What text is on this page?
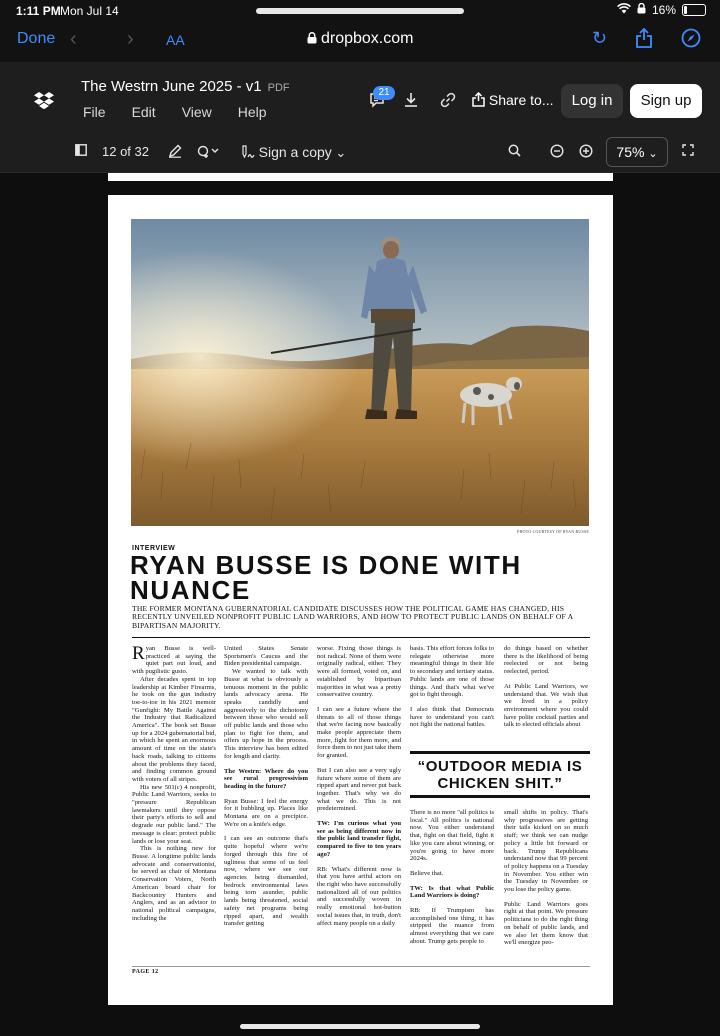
1:11 PM Mon Jul 14	16%
Done ‹	› AA	dropbox.com	↻
The Westrn June 2025 - v1 PDF
File Edit View Help
21	Share to...	Log in	Sign up
12 of 32	Sign a copy ⌄	75% ⌄
PHOTO COURTESY OF RYAN BUSSE
INTERVIEW
RYAN BUSSE IS DONE WITH NUANCE
THE FORMER MONTANA GUBERNATORIAL CANDIDATE DISCUSSES HOW THE POLITICAL GAME HAS CHANGED, HIS RECENTLY UNVEILED NONPROFIT PUBLIC LAND WARRIORS, AND HOW TO PROTECT PUBLIC LANDS ON BEHALF OF A BIPARTISAN MAJORITY.

Ryan Busse is well-practiced at saying the quiet part out loud, and with pugilistic gusto.

After decades spent in top leadership at Kimber Firearms, he took on the gun industry toe-to-toe in his 2021 memoir "Gunfight: My Battle Against the Industry that Radicalized America". The book set Busse up for a 2024 gubernatorial bid, in which he spent an enormous amount of time on the state's back roads, talking to citizens about the problems they faced, and finding common ground with voters of all stripes.

His new 501(c) 4 nonprofit, Public Land Warriors, seeks to "pressure Republican lawmakers until they oppose their party's efforts to sell and degrade our public land." The message is clear: protect public lands or lose your seat.

This is nothing new for Busse. A longtime public lands advocate and conservationist, he served as chair of Montana Conservation Voters, North American board chair for Backcountry Hunters and Anglers, and as an advisor to national political campaigns, including the

United States Senate Sportsmen's Caucus and the Biden presidential campaign.

We wanted to talk with Busse at what is obviously a tenuous moment in the public lands advocacy arena. He speaks candidly and aggressively to the dichotomy between those who would sell off public lands and those who plan to fight for them, and offers up hope in the process. This interview has been edited for length and clarity.

The Westrn: Where do you see rural progressivism heading in the future?

Ryan Busse: I feel the energy for it bubbling up. Places like Montana are on a precipice. We're on a knife's edge.

I can see an outcome that's quite hopeful where we're forged through this fire of ugliness that some of us feel now, where we see our agencies being dismantled, bedrock environmental laws being torn asunder, public lands being threatened, social safety net programs being ripped apart, and wealth transfer getting

worse. Fixing those things is not radical. None of them were originally radical, either. They were all formed, voted on, and established by bipartisan majorities in what was a pretty conservative country.

I can see a future where the threats to all of those things that we're facing now basically make people appreciate them more, fight for them more, and force them to not just take them for granted.

But I can also see a very ugly future where some of them are ripped apart and never put back together. That's why we do what we do. This is not predetermined.

TW: I'm curious what you see as being different now in the public land transfer fight, compared to five to ten years ago?

RB: What's different now is that you have artful actors on the right who have successfully nationalized all of our politics and successfully woven in really emotional hot-button social issues that, in truth, don't affect many people on a daily

basis. This effort forces folks to relegate otherwise more meaningful things in their life to secondary and tertiary status. Public lands are one of those things. And that's what we've got to fight through.

I also think that Democrats have to understand you can't not fight the national battles.

do things based on whether there is the likelihood of being reelected or not being reelected, period.

At Public Land Warriors, we understand that. We wish that we lived in a policy environment where you could have polite cocktail parties and talk to elected officials about

“OUTDOOR MEDIA IS CHICKEN SHIT.”

There is no more "all politics is local." All politics is national now. You either understand that, fight on that field, fight it like you care about winning, or you're going to have more 2024s.

Believe that.

TW: Is that what Public Land Warriors is doing?

RB: If Trumpism has accomplished one thing, it has stripped the nuance from almost everything that we care about. Trump gets people to

small shifts in policy. That's why progressives are getting their tails kicked on so much stuff; we think we can nudge policy a little bit forward or back. Trump Republicans understand now that 99 percent of policy happens on a Tuesday in November. You either win the Tuesday in November or you lose the policy game.

Public Land Warriors goes right at that point. We pressure politicians to do the right thing on behalf of public lands, and we also let them know that we'll energize peo-

PAGE 12
